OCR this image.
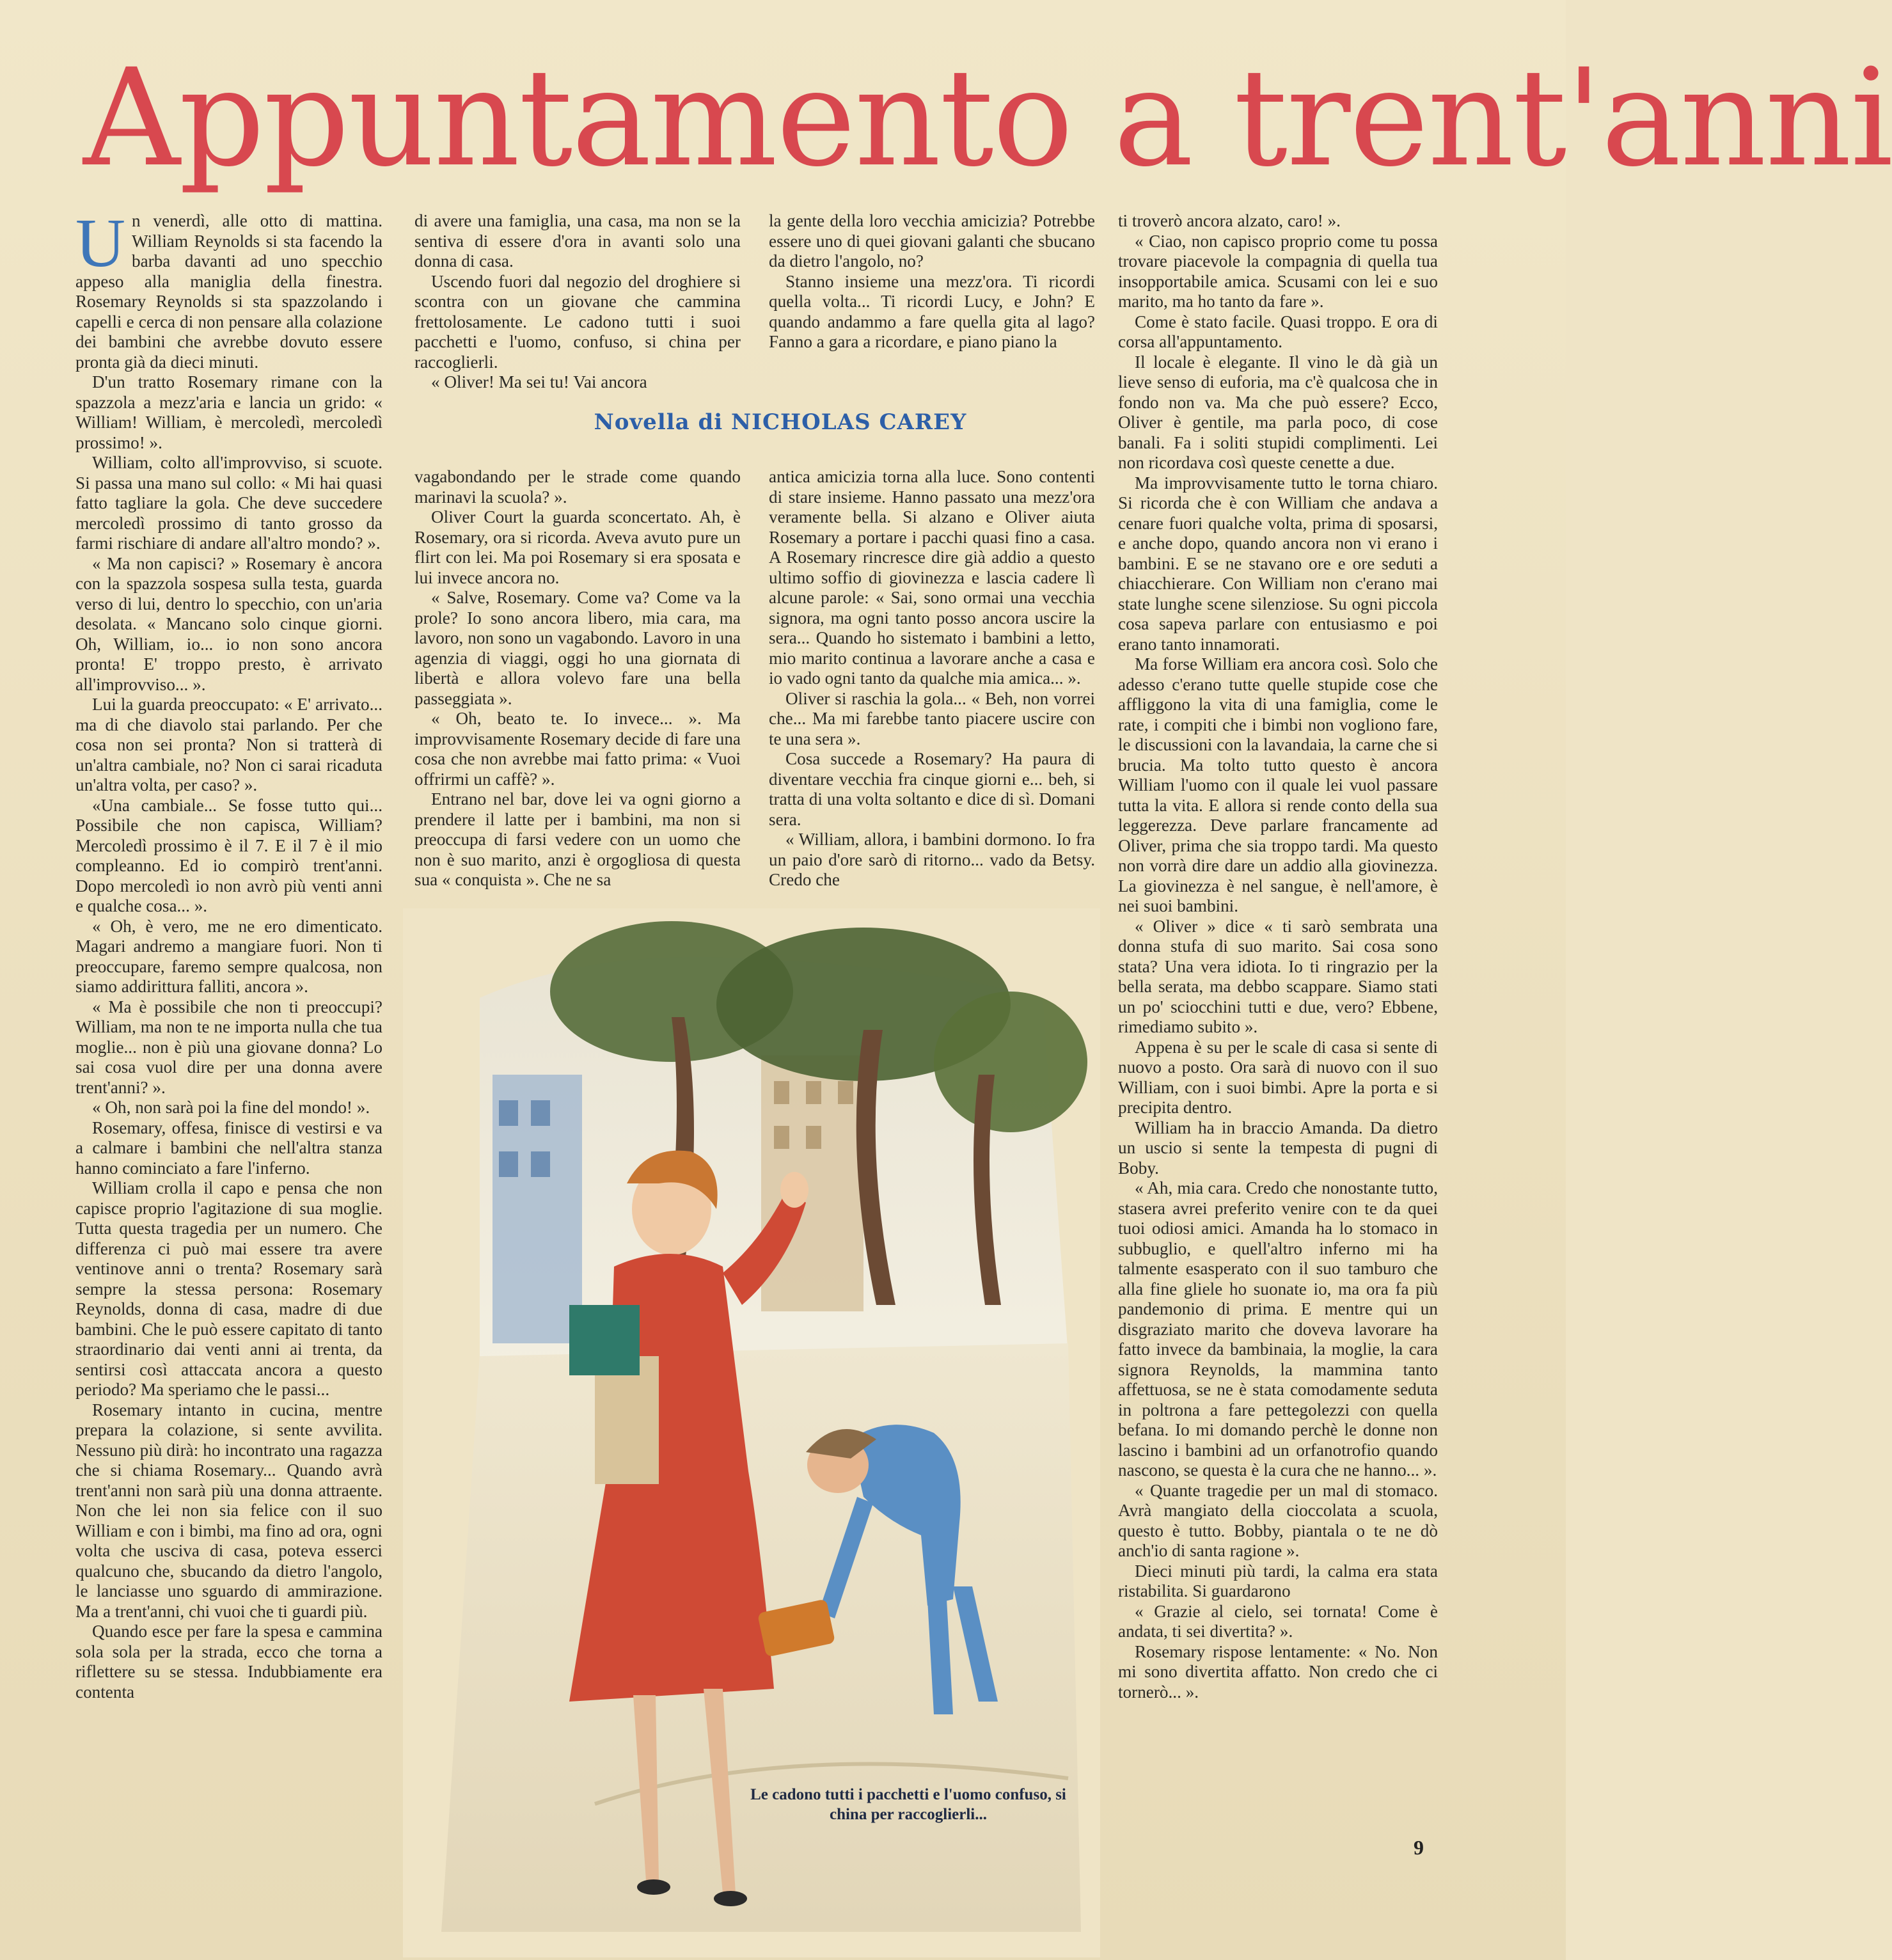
Appuntamento a trent'anni
U n venerdì, alle otto di mattina. William Reynolds si sta facendo la barba davanti ad uno specchio appeso alla maniglia della finestra. Rosemary Reynolds si sta spazzolando i capelli e cerca di non pensare alla colazione dei bambini che avrebbe dovuto essere pronta già da dieci minuti.

D'un tratto Rosemary rimane con la spazzola a mezz'aria e lancia un grido: « William! William, è mercoledì, mercoledì prossimo! ».

William, colto all'improvviso, si scuote. Si passa una mano sul collo: « Mi hai quasi fatto tagliare la gola. Che deve succedere mercoledì prossimo di tanto grosso da farmi rischiare di andare all'altro mondo? ».

« Ma non capisci? » Rosemary è ancora con la spazzola sospesa sulla testa, guarda verso di lui, dentro lo specchio, con un'aria desolata. « Mancano solo cinque giorni. Oh, William, io... io non sono ancora pronta! E' troppo presto, è arrivato all'improvviso... ».

Lui la guarda preoccupato: « E' arrivato... ma di che diavolo stai parlando. Per che cosa non sei pronta? Non si tratterà di un'altra cambiale, no? Non ci sarai ricaduta un'altra volta, per caso? ».

«Una cambiale... Se fosse tutto qui... Possibile che non capisca, William? Mercoledì prossimo è il 7. E il 7 è il mio compleanno. Ed io compirò trent'anni. Dopo mercoledì io non avrò più venti anni e qualche cosa... ».

« Oh, è vero, me ne ero dimenticato. Magari andremo a mangiare fuori. Non ti preoccupare, faremo sempre qualcosa, non siamo addirittura falliti, ancora ».

« Ma è possibile che non ti preoccupi? William, ma non te ne importa nulla che tua moglie... non è più una giovane donna? Lo sai cosa vuol dire per una donna avere trent'anni? ».

« Oh, non sarà poi la fine del mondo! ».

Rosemary, offesa, finisce di vestirsi e va a calmare i bambini che nell'altra stanza hanno cominciato a fare l'inferno.

William crolla il capo e pensa che non capisce proprio l'agitazione di sua moglie. Tutta questa tragedia per un numero. Che differenza ci può mai essere tra avere ventinove anni o trenta? Rosemary sarà sempre la stessa persona: Rosemary Reynolds, donna di casa, madre di due bambini. Che le può essere capitato di tanto straordinario dai venti anni ai trenta, da sentirsi così attaccata ancora a questo periodo? Ma speriamo che le passi...

Rosemary intanto in cucina, mentre prepara la colazione, si sente avvilita. Nessuno più dirà: ho incontrato una ragazza che si chiama Rosemary... Quando avrà trent'anni non sarà più una donna attraente. Non che lei non sia felice con il suo William e con i bimbi, ma fino ad ora, ogni volta che usciva di casa, poteva esserci qualcuno che, sbucando da dietro l'angolo, le lanciasse uno sguardo di ammirazione. Ma a trent'anni, chi vuoi che ti guardi più.

Quando esce per fare la spesa e cammina sola sola per la strada, ecco che torna a riflettere su se stessa. Indubbiamente era contenta

di avere una famiglia, una casa, ma non se la sentiva di essere d'ora in avanti solo una donna di casa.

Uscendo fuori dal negozio del droghiere si scontra con un giovane che cammina frettolosamente. Le cadono tutti i suoi pacchetti e l'uomo, confuso, si china per raccoglierli.

« Oliver! Ma sei tu! Vai ancora

la gente della loro vecchia amicizia? Potrebbe essere uno di quei giovani galanti che sbucano da dietro l'angolo, no?

Stanno insieme una mezz'ora. Ti ricordi quella volta... Ti ricordi Lucy, e John? E quando andammo a fare quella gita al lago? Fanno a gara a ricordare, e piano piano la

Novella di NICHOLAS CAREY

vagabondando per le strade come quando marinavi la scuola? ».

Oliver Court la guarda sconcertato. Ah, è Rosemary, ora si ricorda. Aveva avuto pure un flirt con lei. Ma poi Rosemary si era sposata e lui invece ancora no.

« Salve, Rosemary. Come va? Come va la prole? Io sono ancora libero, mia cara, ma lavoro, non sono un vagabondo. Lavoro in una agenzia di viaggi, oggi ho una giornata di libertà e allora volevo fare una bella passeggiata ».

« Oh, beato te. Io invece... ». Ma improvvisamente Rosemary decide di fare una cosa che non avrebbe mai fatto prima: « Vuoi offrirmi un caffè? ».

Entrano nel bar, dove lei va ogni giorno a prendere il latte per i bambini, ma non si preoccupa di farsi vedere con un uomo che non è suo marito, anzi è orgogliosa di questa sua « conquista ». Che ne sa

antica amicizia torna alla luce. Sono contenti di stare insieme. Hanno passato una mezz'ora veramente bella. Si alzano e Oliver aiuta Rosemary a portare i pacchi quasi fino a casa. A Rosemary rincresce dire già addio a questo ultimo soffio di giovinezza e lascia cadere lì alcune parole: « Sai, sono ormai una vecchia signora, ma ogni tanto posso ancora uscire la sera... Quando ho sistemato i bambini a letto, mio marito continua a lavorare anche a casa e io vado ogni tanto da qualche mia amica... ».

Oliver si raschia la gola... « Beh, non vorrei che... Ma mi farebbe tanto piacere uscire con te una sera ».

Cosa succede a Rosemary? Ha paura di diventare vecchia fra cinque giorni e... beh, si tratta di una volta soltanto e dice di sì. Domani sera.

« William, allora, i bambini dormono. Io fra un paio d'ore sarò di ritorno... vado da Betsy. Credo che

ti troverò ancora alzato, caro! ».

« Ciao, non capisco proprio come tu possa trovare piacevole la compagnia di quella tua insopportabile amica. Scusami con lei e suo marito, ma ho tanto da fare ».

Come è stato facile. Quasi troppo. E ora di corsa all'appuntamento.

Il locale è elegante. Il vino le dà già un lieve senso di euforia, ma c'è qualcosa che in fondo non va. Ma che può essere? Ecco, Oliver è gentile, ma parla poco, di cose banali. Fa i soliti stupidi complimenti. Lei non ricordava così queste cenette a due.

Ma improvvisamente tutto le torna chiaro. Si ricorda che è con William che andava a cenare fuori qualche volta, prima di sposarsi, e anche dopo, quando ancora non vi erano i bambini. E se ne stavano ore e ore seduti a chiacchierare. Con William non c'erano mai state lunghe scene silenziose. Su ogni piccola cosa sapeva parlare con entusiasmo e poi erano tanto innamorati.

Ma forse William era ancora così. Solo che adesso c'erano tutte quelle stupide cose che affliggono la vita di una famiglia, come le rate, i compiti che i bimbi non vogliono fare, le discussioni con la lavandaia, la carne che si brucia. Ma tolto tutto questo è ancora William l'uomo con il quale lei vuol passare tutta la vita. E allora si rende conto della sua leggerezza. Deve parlare francamente ad Oliver, prima che sia troppo tardi. Ma questo non vorrà dire dare un addio alla giovinezza. La giovinezza è nel sangue, è nell'amore, è nei suoi bambini.

« Oliver » dice « ti sarò sembrata una donna stufa di suo marito. Sai cosa sono stata? Una vera idiota. Io ti ringrazio per la bella serata, ma debbo scappare. Siamo stati un po' sciocchini tutti e due, vero? Ebbene, rimediamo subito ».

Appena è su per le scale di casa si sente di nuovo a posto. Ora sarà di nuovo con il suo William, con i suoi bimbi. Apre la porta e si precipita dentro.

William ha in braccio Amanda. Da dietro un uscio si sente la tempesta di pugni di Boby.

« Ah, mia cara. Credo che nonostante tutto, stasera avrei preferito venire con te da quei tuoi odiosi amici. Amanda ha lo stomaco in subbuglio, e quell'altro inferno mi ha talmente esasperato con il suo tamburo che alla fine gliele ho suonate io, ma ora fa più pandemonio di prima. E mentre qui un disgraziato marito che doveva lavorare ha fatto invece da bambinaia, la moglie, la cara signora Reynolds, la mammina tanto affettuosa, se ne è stata comodamente seduta in poltrona a fare pettegolezzi con quella befana. Io mi domando perchè le donne non lascino i bambini ad un orfanotrofio quando nascono, se questa è la cura che ne hanno... ».

« Quante tragedie per un mal di stomaco. Avrà mangiato della cioccolata a scuola, questo è tutto. Bobby, piantala o te ne dò anch'io di santa ragione ».

Dieci minuti più tardi, la calma era stata ristabilita. Si guardarono

« Grazie al cielo, sei tornata! Come è andata, ti sei divertita? ».

Rosemary rispose lentamente: « No. Non mi sono divertita affatto. Non credo che ci tornerò... ».

Le cadono tutti i pacchetti e l'uomo confuso, si china per raccoglierli...
9
